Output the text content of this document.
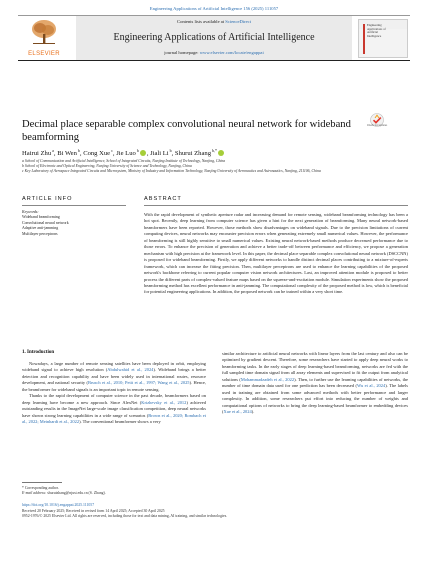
Engineering Applications of Artificial Intelligence 156 (2025) 111057
ELSEVIER
Contents lists available at ScienceDirect
Engineering Applications of Artificial Intelligence
journal homepage: www.elsevier.com/locate/engappai
Engineering
Applications of
Artificial
Intelligence
Decimal place separable complex convolutional neural network for wideband beamforming
Check for updates
Hairui Zhu $^a$, Bi Wen $^b$, Cong Xue $^c$, Jie Luo $^b$ , Jiali Li $^b$, Shurui Zhang $^{b,*}$
a School of Communication and Artificial Intelligence, School of Integrated Circuits, Nanjing Institute of Technology, Nanjing, China
b School of Electronic and Optical Engineering, Nanjing University of Science and Technology, Nanjing, China
c Key Laboratory of Aerospace Integrated Circuits and Microsystem, Ministry of Industry and Information Technology, Nanjing University of Aeronautics and Astronautics, Nanjing, 211106, China
ARTICLE INFO
Keywords:
Wideband beamforming
Convolutional neural network
Adaptive anti-jamming
Multilayer perceptrons
ABSTRACT
With the rapid development of synthetic aperture radar and increasing demand for remote sensing, wideband beamforming technology has been a hot spot. Recently, deep learning from computer science has given a hint for the next generation of beamforming. Many neural network-based beamformers have been reported. However, those methods show disadvantages on wideband signals. Due to the precision limitations of current computing devices, neural networks may encounter precision errors when generating extremely small numerical values. However, the performance of beamforming is still highly sensitive to small numerical values. Existing neural network-based methods produce decreased performance due to those errors. To enhance the precision of generation and achieve a better trade-off between performance and efficiency, we propose a generation mechanism with high precision at the framework level. In this paper, the decimal place separable complex convolutional neural network (DSCCNN) is proposed for wideband beamforming. Firstly, we apply different networks to handle distinct decimal places contributing to a mixture-of-experts framework, which can increase the fitting precision. Then, multilayer perceptrons are used to enhance the learning capabilities of the proposed network's backbone referring to current popular computer vision network architectures. Last, an improved attention module is proposed to better process the different parts of complex-valued feature maps based on the squeeze-and-excitation module. Simulation experiments show the proposed beamforming method has excellent performance in anti-jamming. The computational complexity of the proposed method is low, which is beneficial for potential engineering applications. In addition, the proposed network can be trained within a very short time.
1. Introduction

Nowadays, a large number of remote sensing satellites have been deployed in orbit, employing wideband signal to achieve high resolution (Abdulwahid et al., 2024). Wideband brings a better detection and recognition capability and have been widely used in international routes, resource development, and national security (Brusch et al., 2010; Petit et al., 1997; Wang et al., 2025). Hence, the beamformer for wideband signals is an important topic in remote sensing.

Thanks to the rapid development of computer science in the past decade, beamformers based on deep learning have become a new approach. Since AlexNet (Krizhevsky et al., 2012) achieved outstanding results in the ImageNet large-scale image classification competition, deep neural networks have shown strong learning capabilities in a wide range of scenarios (Brown et al., 2020; Rombach et al., 2022; Meinhardt et al., 2022). The conventional beamformer shows a very

similar architecture to artificial neural networks with linear layers from the last century and also can be optimized by gradient descent. Therefore, some researchers have started to apply deep neural works to beamforming tasks. In the early stages of deep learning-based beamforming, networks are fed with the full sampled time domain signal from all array elements and supervised to fit the output from analytical solutions (Mohammadzadeh et al., 2022). Then, to further use the learning capabilities of networks, the number of time domain data used for one prediction has been decreased (Wu et al., 2024). The labels used in training are obtained from some advanced methods with better performance and larger complexity. In addition, some researchers put effort into reducing the number of weights and computational options of networks to bring the deep learning-based beamformer to embedding devices (Xue et al., 2024).

* Corresponding author.
E-mail address: shuruizhang@njust.edu.cn (S. Zhang).
https://doi.org/10.1016/j.engappai.2025.111057
Received 20 February 2025; Received in revised form 14 April 2025; Accepted 30 April 2025
0952-1976/© 2025 Elsevier Ltd. All rights are reserved, including those for text and data mining, AI training, and similar technologies.
